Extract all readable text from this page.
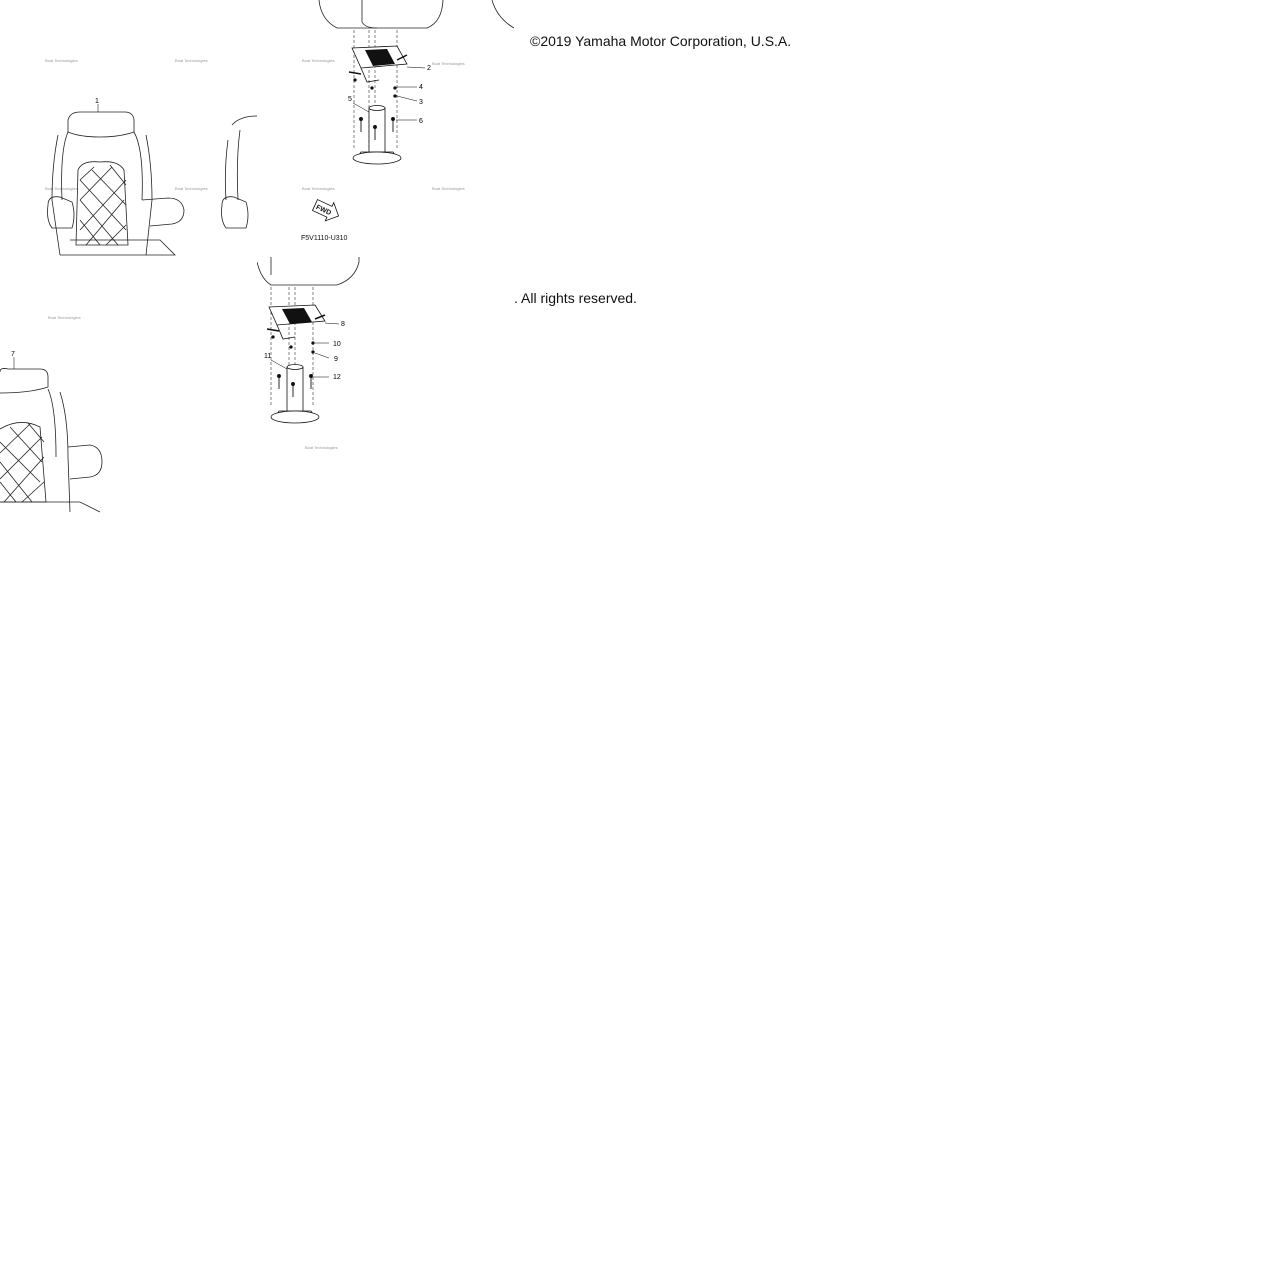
Boat Technologies	Boat Technologies
Boat Technologies	Boat Technologies
1
2
3
4
5
6
Boat Technologies
Boat Technologies
Boat Technologies	Boat Technologies
FWD
F5V1110-U310
©2019 Yamaha Motor Corporation, U.S.A.
Boat Technologies
7
8
9
10
11
12
Boat Technologies
. All rights reserved.
